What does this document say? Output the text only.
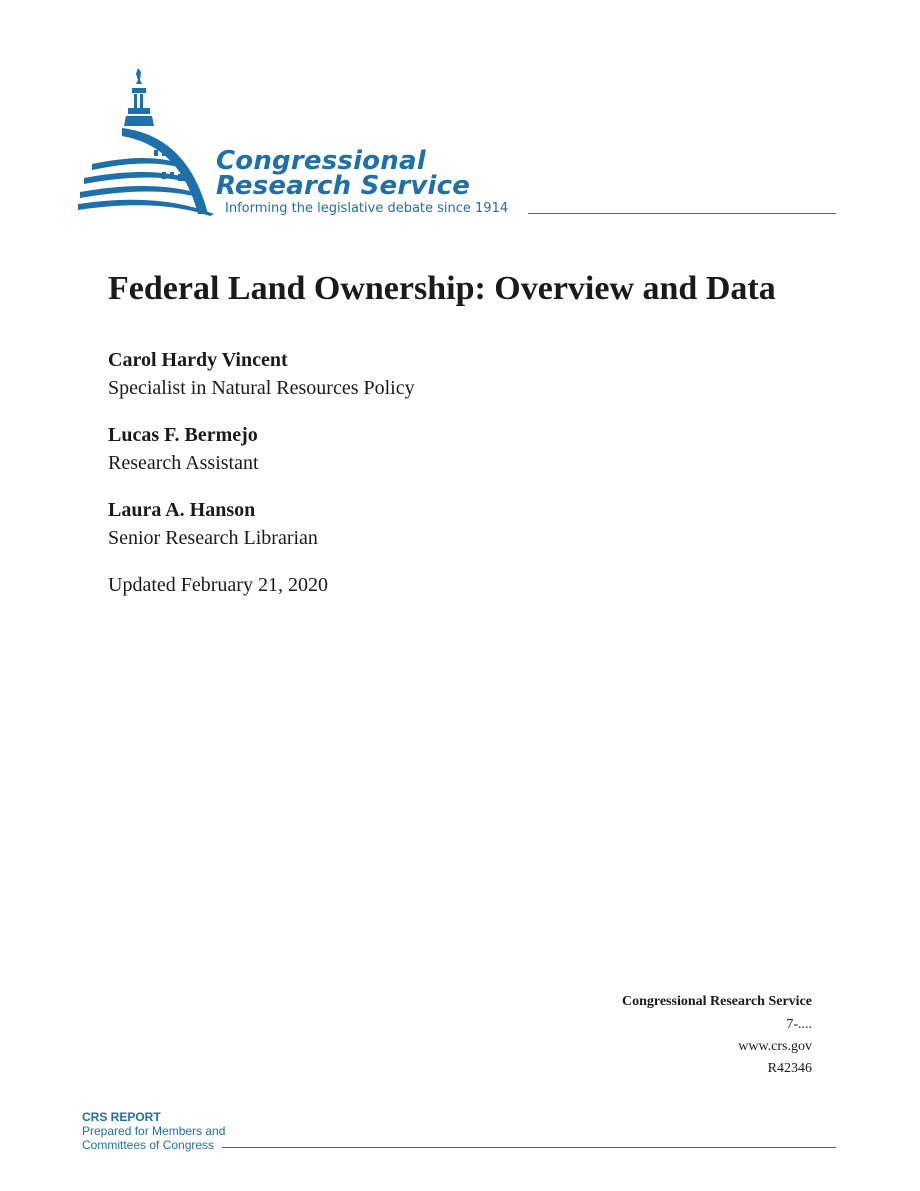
Congressional
Research Service
Informing the legislative debate since 1914
Federal Land Ownership: Overview and Data
Carol Hardy Vincent
Specialist in Natural Resources Policy
Lucas F. Bermejo
Research Assistant
Laura A. Hanson
Senior Research Librarian
Updated February 21, 2020
Congressional Research Service
7-....
www.crs.gov
R42346
CRS REPORT
Prepared for Members and
Committees of Congress
